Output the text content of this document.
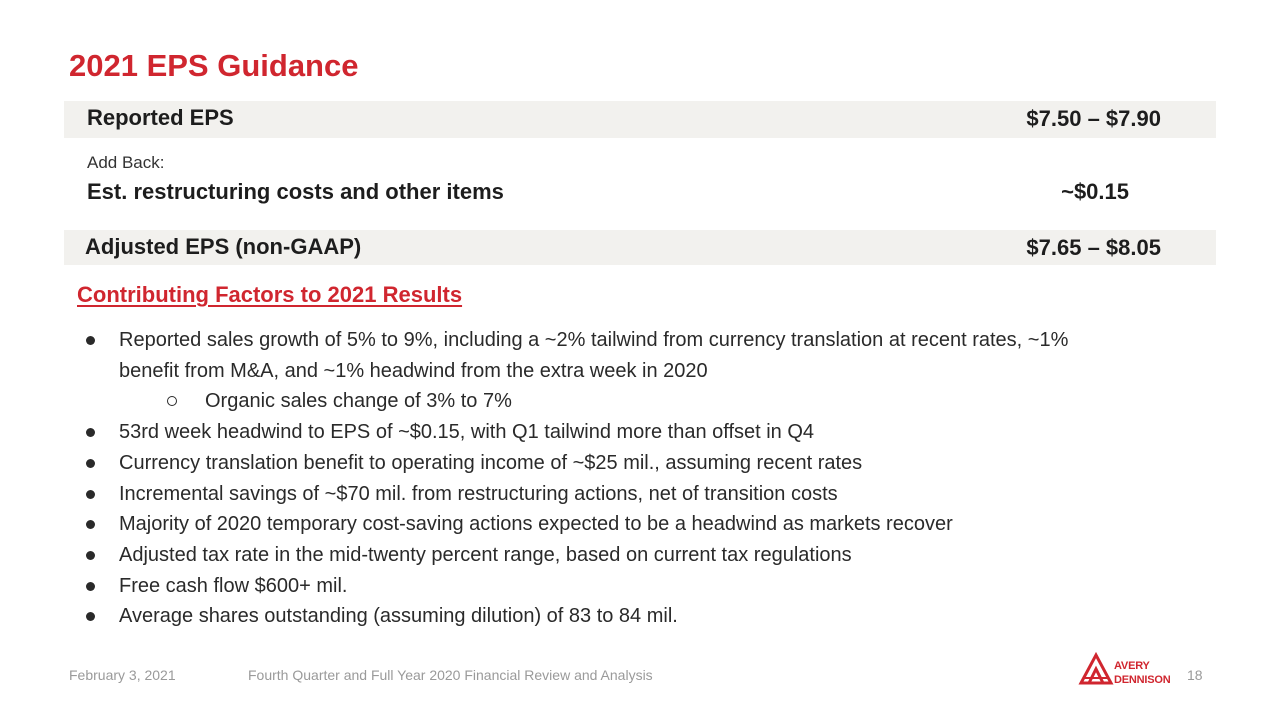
2021 EPS Guidance
Reported EPS	$7.50 – $7.90
Add Back:
Est. restructuring costs and other items	~$0.15
Adjusted EPS (non-GAAP)	$7.65 – $8.05
Contributing Factors to 2021 Results
Reported sales growth of 5% to 9%, including a ~2% tailwind from currency translation at recent rates, ~1%
benefit from M&A, and ~1% headwind from the extra week in 2020
Organic sales change of 3% to 7%
53rd week headwind to EPS of ~$0.15, with Q1 tailwind more than offset in Q4
Currency translation benefit to operating income of ~$25 mil., assuming recent rates
Incremental savings of ~$70 mil. from restructuring actions, net of transition costs
Majority of 2020 temporary cost-saving actions expected to be a headwind as markets recover
Adjusted tax rate in the mid-twenty percent range, based on current tax regulations
Free cash flow $600+ mil.
Average shares outstanding (assuming dilution) of 83 to 84 mil.
February 3, 2021	Fourth Quarter and Full Year 2020 Financial Review and Analysis
AVERY
DENNISON 18
